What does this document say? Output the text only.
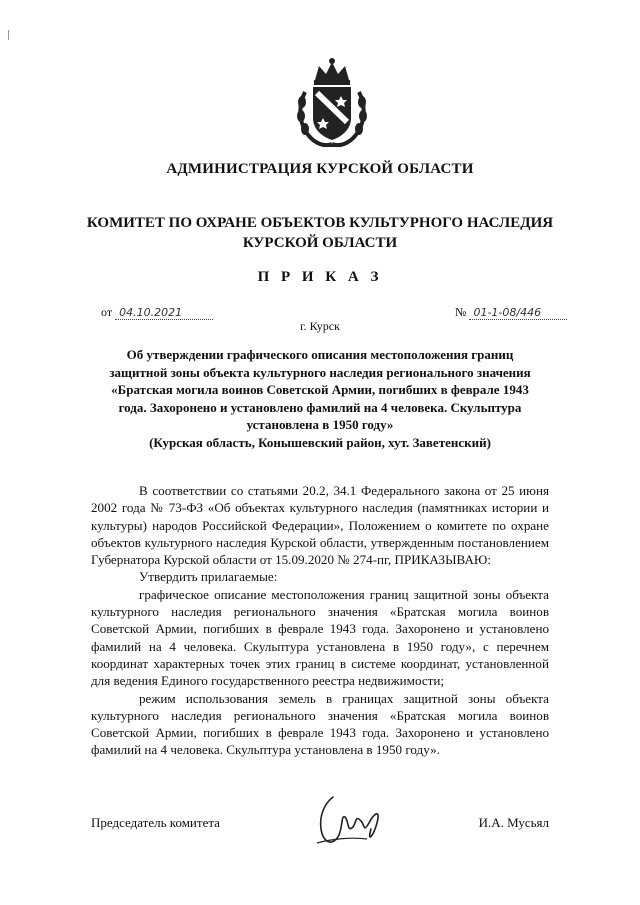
АДМИНИСТРАЦИЯ КУРСКОЙ ОБЛАСТИ
КОМИТЕТ ПО ОХРАНЕ ОБЪЕКТОВ КУЛЬТУРНОГО НАСЛЕДИЯ
КУРСКОЙ ОБЛАСТИ
П Р И К А З
от 04.10.2021	№ 01-1-08/446
г. Курск
Об утверждении графического описания местоположения границ
защитной зоны объекта культурного наследия регионального значения
«Братская могила воинов Советской Армии, погибших в феврале 1943
года. Захоронено и установлено фамилий на 4 человека. Скульптура
установлена в 1950 году»
(Курская область, Конышевский район, хут. Заветенский)

В соответствии со статьями 20.2, 34.1 Федерального закона от 25 июня 2002 года № 73-ФЗ «Об объектах культурного наследия (памятниках истории и культуры) народов Российской Федерации», Положением о комитете по охране объектов культурного наследия Курской области, утвержденным постановлением Губернатора Курской области от 15.09.2020 № 274-пг, ПРИКАЗЫВАЮ:

Утвердить прилагаемые:

графическое описание местоположения границ защитной зоны объекта культурного наследия регионального значения «Братская могила воинов Советской Армии, погибших в феврале 1943 года. Захоронено и установлено фамилий на 4 человека. Скульптура установлена в 1950 году», с перечнем координат характерных точек этих границ в системе координат, установленной для ведения Единого государственного реестра недвижимости;

режим использования земель в границах защитной зоны объекта культурного наследия регионального значения «Братская могила воинов Советской Армии, погибших в феврале 1943 года. Захоронено и установлено фамилий на 4 человека. Скульптура установлена в 1950 году».

Председатель комитета	И.А. Мусьял
